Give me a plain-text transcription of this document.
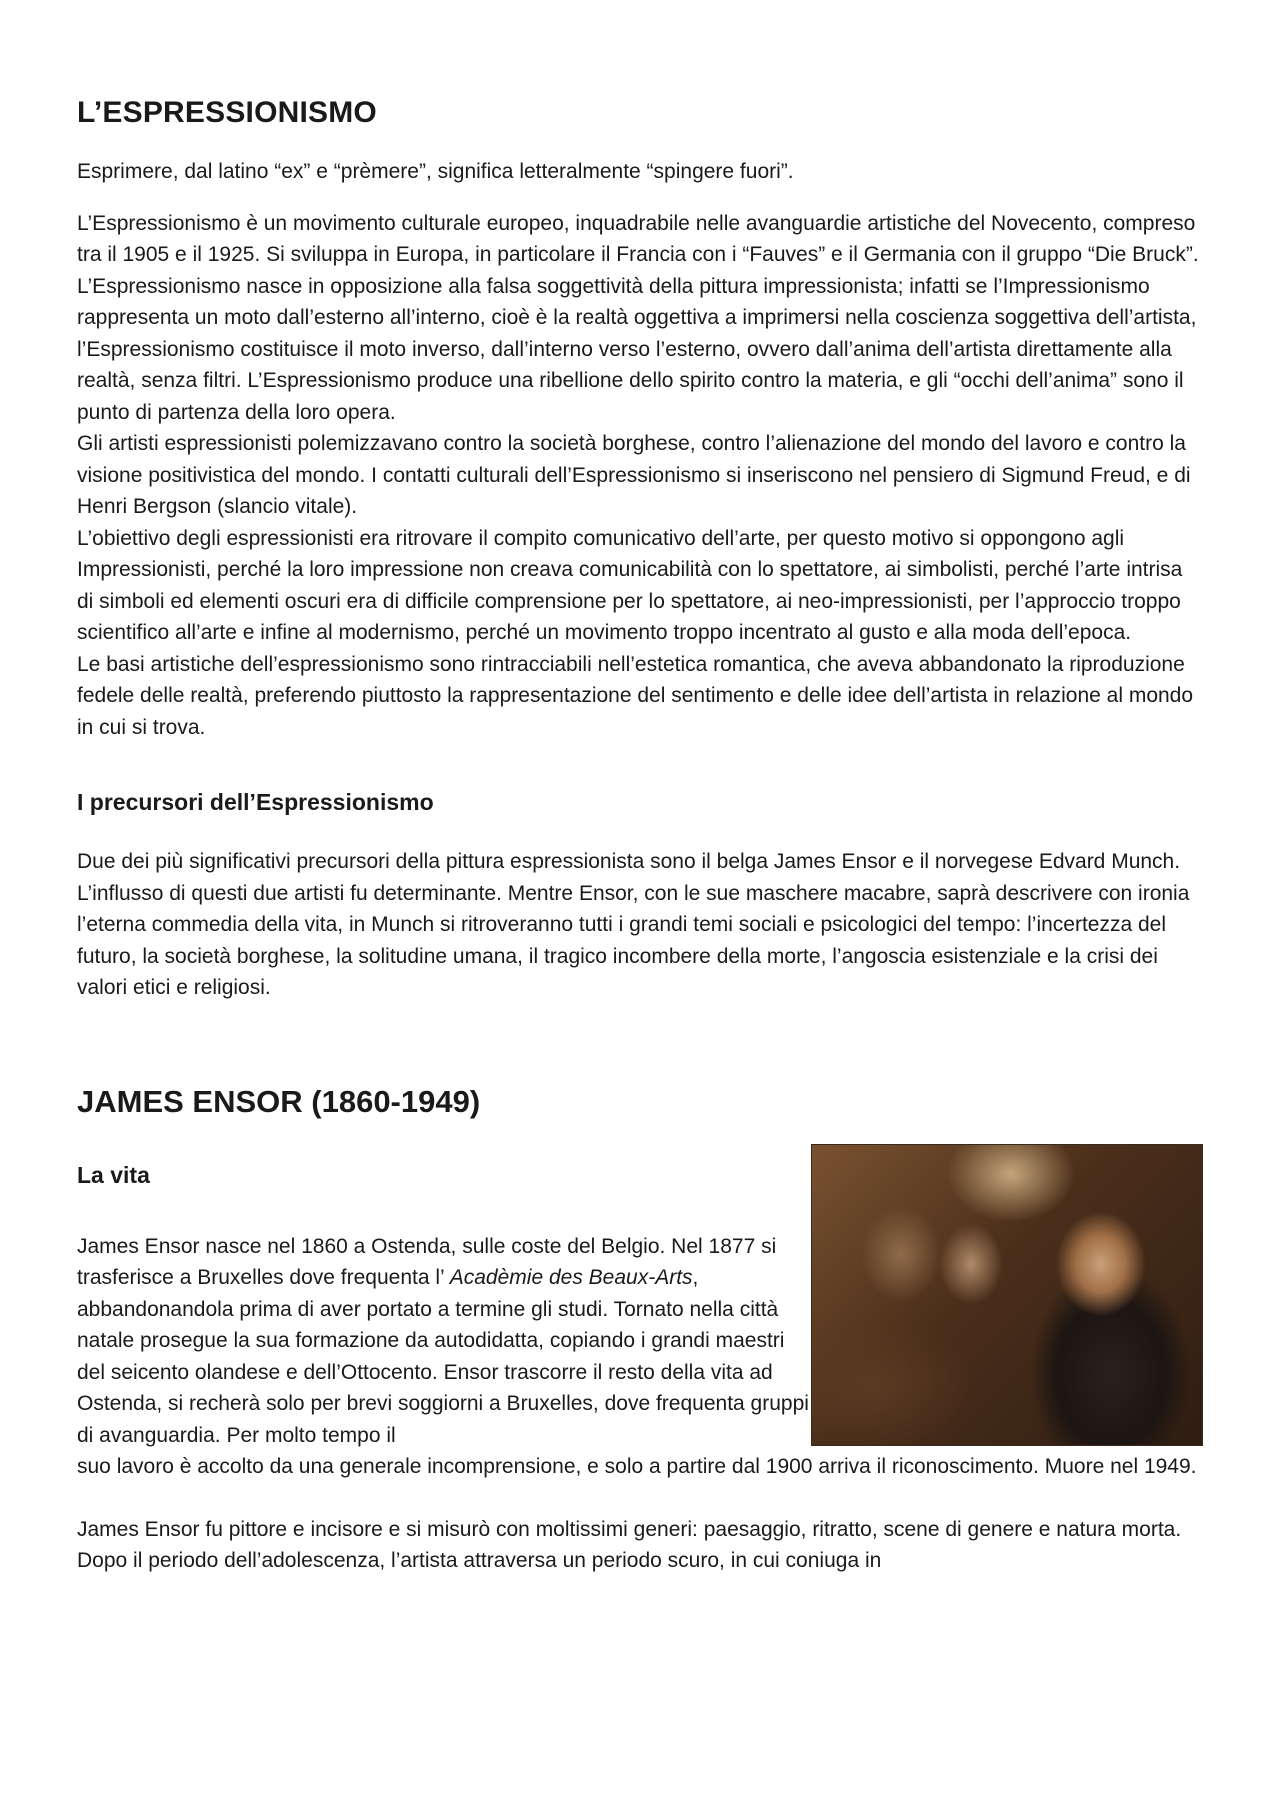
L’ESPRESSIONISMO

Esprimere, dal latino “ex” e “prèmere”, significa letteralmente “spingere fuori”.

L’Espressionismo è un movimento culturale europeo, inquadrabile nelle avanguardie artistiche del Novecento, compreso tra il 1905 e il 1925. Si sviluppa in Europa, in particolare il Francia con i “Fauves” e il Germania con il gruppo “Die Bruck”.

L’Espressionismo nasce in opposizione alla falsa soggettività della pittura impressionista; infatti se l’Impressionismo rappresenta un moto dall’esterno all’interno, cioè è la realtà oggettiva a imprimersi nella coscienza soggettiva dell’artista, l’Espressionismo costituisce il moto inverso, dall’interno verso l’esterno, ovvero dall’anima dell’artista direttamente alla realtà, senza filtri. L’Espressionismo produce una ribellione dello spirito contro la materia, e gli “occhi dell’anima” sono il punto di partenza della loro opera.

Gli artisti espressionisti polemizzavano contro la società borghese, contro l’alienazione del mondo del lavoro e contro la visione positivistica del mondo. I contatti culturali dell’Espressionismo si inseriscono nel pensiero di Sigmund Freud, e di Henri Bergson (slancio vitale).

L’obiettivo degli espressionisti era ritrovare il compito comunicativo dell’arte, per questo motivo si oppongono agli Impressionisti, perché la loro impressione non creava comunicabilità con lo spettatore, ai simbolisti, perché l’arte intrisa di simboli ed elementi oscuri era di difficile comprensione per lo spettatore, ai neo-impressionisti, per l’approccio troppo scientifico all’arte e infine al modernismo, perché un movimento troppo incentrato al gusto e alla moda dell’epoca.

Le basi artistiche dell’espressionismo sono rintracciabili nell’estetica romantica, che aveva abbandonato la riproduzione fedele delle realtà, preferendo piuttosto la rappresentazione del sentimento e delle idee dell’artista in relazione al mondo in cui si trova.

I precursori dell’Espressionismo

Due dei più significativi precursori della pittura espressionista sono il belga James Ensor e il norvegese Edvard Munch. L’influsso di questi due artisti fu determinante. Mentre Ensor, con le sue maschere macabre, saprà descrivere con ironia l’eterna commedia della vita, in Munch si ritroveranno tutti i grandi temi sociali e psicologici del tempo: l’incertezza del futuro, la società borghese, la solitudine umana, il tragico incombere della morte, l’angoscia esistenziale e la crisi dei valori etici e religiosi.

JAMES ENSOR (1860-1949)
La vita

James Ensor nasce nel 1860 a Ostenda, sulle coste del Belgio. Nel 1877 si trasferisce a Bruxelles dove frequenta l’ Acadèmie des Beaux-Arts, abbandonandola prima di aver portato a termine gli studi. Tornato nella città natale prosegue la sua formazione da autodidatta, copiando i grandi maestri del seicento olandese e dell’Ottocento. Ensor trascorre il resto della vita ad Ostenda, si recherà solo per brevi soggiorni a Bruxelles, dove frequenta gruppi di avanguardia. Per molto tempo il

suo lavoro è accolto da una generale incomprensione, e solo a partire dal 1900 arriva il riconoscimento. Muore nel 1949.

James Ensor fu pittore e incisore e si misurò con moltissimi generi: paesaggio, ritratto, scene di genere e natura morta. Dopo il periodo dell’adolescenza, l’artista attraversa un periodo scuro, in cui coniuga in
